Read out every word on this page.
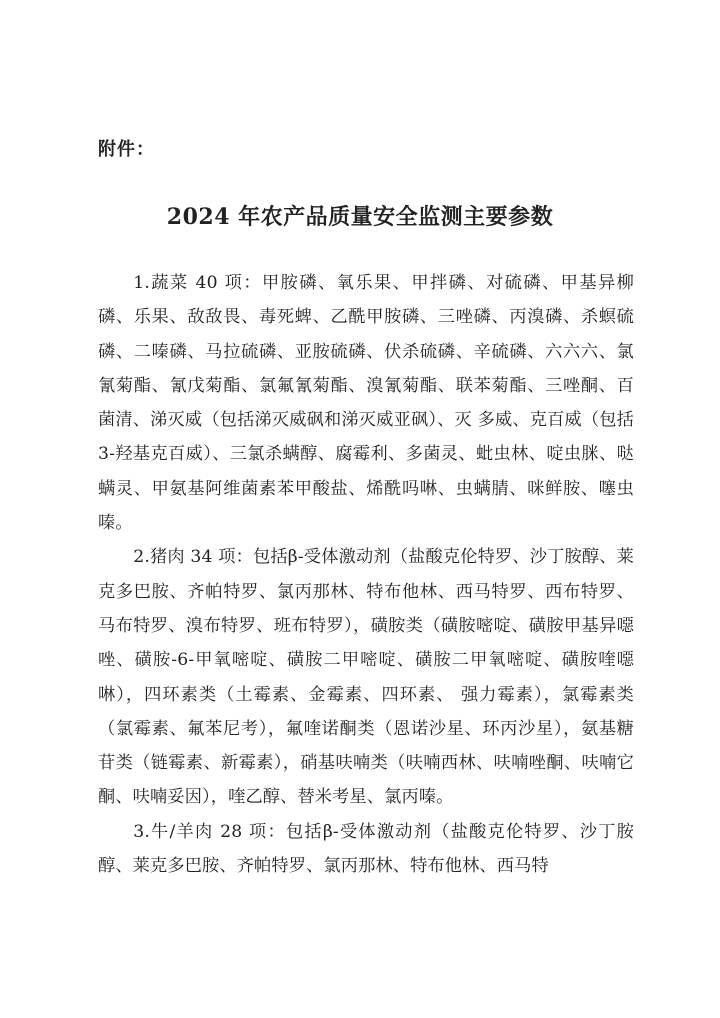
附件：
2024 年农产品质量安全监测主要参数

1.蔬菜 40 项：甲胺磷、氧乐果、甲拌磷、对硫磷、甲基异柳磷、乐果、敌敌畏、毒死蜱、乙酰甲胺磷、三唑磷、丙溴磷、杀螟硫磷、二嗪磷、马拉硫磷、亚胺硫磷、伏杀硫磷、辛硫磷、六六六、氯氰菊酯、氰戊菊酯、氯氟氰菊酯、溴氰菊酯、联苯菊酯、三唑酮、百菌清、涕灭威（包括涕灭威砜和涕灭威亚砜）、灭 多威、克百威（包括 3-羟基克百威）、三氯杀螨醇、腐霉利、多菌灵、蚍虫林、啶虫脒、哒螨灵、甲氨基阿维菌素苯甲酸盐、烯酰吗啉、虫螨腈、咪鲜胺、噻虫嗪。

2.猪肉 34 项：包括β-受体激动剂（盐酸克伦特罗、沙丁胺醇、莱克多巴胺、齐帕特罗、氯丙那林、特布他林、西马特罗、西布特罗、马布特罗、溴布特罗、班布特罗），磺胺类（磺胺嘧啶、磺胺甲基异噁唑、磺胺-6-甲氧嘧啶、磺胺二甲嘧啶、磺胺二甲氧嘧啶、磺胺喹噁啉），四环素类（土霉素、金霉素、四环素、 强力霉素），氯霉素类（氯霉素、氟苯尼考），氟喹诺酮类（恩诺沙星、环丙沙星），氨基糖苷类（链霉素、新霉素），硝基呋喃类（呋喃西林、呋喃唑酮、呋喃它酮、呋喃妥因），喹乙醇、替米考星、氯丙嗪。

3.牛/羊肉 28 项：包括β-受体激动剂（盐酸克伦特罗、沙丁胺醇、莱克多巴胺、齐帕特罗、氯丙那林、特布他林、西马特
